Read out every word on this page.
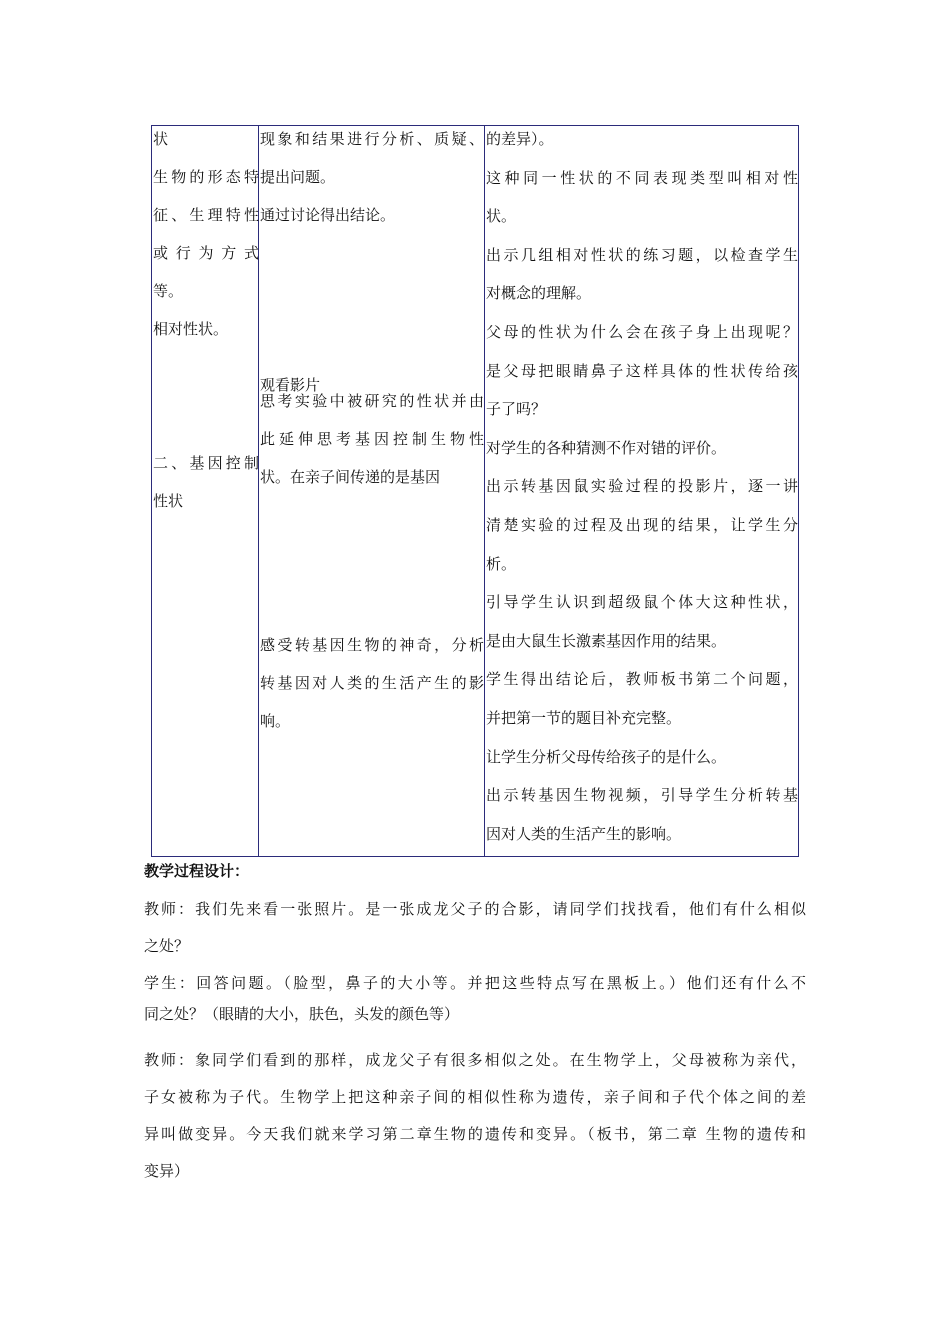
状
生物的形态特
征、生理特性
或 行 为 方 式
等。
相对性状。

二、基因控制
性状
现象和结果进行分析、质疑、
提出问题。
通过讨论得出结论。

观看影片
思考实验中被研究的性状并由
此延伸思考基因控制生物性
状。在亲子间传递的是基因

感受转基因生物的神奇，分析
转基因对人类的生活产生的影
响。
的差异）。
这种同一性状的不同表现类型叫相对性
状。
出示几组相对性状的练习题，以检查学生
对概念的理解。
父母的性状为什么会在孩子身上出现呢？
是父母把眼睛鼻子这样具体的性状传给孩
子了吗？
对学生的各种猜测不作对错的评价。
出示转基因鼠实验过程的投影片，逐一讲
清楚实验的过程及出现的结果，让学生分
析。
引导学生认识到超级鼠个体大这种性状，
是由大鼠生长激素基因作用的结果。
学生得出结论后，教师板书第二个问题，
并把第一节的题目补充完整。
让学生分析父母传给孩子的是什么。
出示转基因生物视频，引导学生分析转基
因对人类的生活产生的影响。
教学过程设计：
教师：我们先来看一张照片。是一张成龙父子的合影，请同学们找找看，他们有什么相似
之处？
学生：回答问题。（脸型，鼻子的大小等。并把这些特点写在黑板上。）他们还有什么不
同之处？（眼睛的大小，肤色，头发的颜色等）
教师：象同学们看到的那样，成龙父子有很多相似之处。在生物学上，父母被称为亲代，
子女被称为子代。生物学上把这种亲子间的相似性称为遗传，亲子间和子代个体之间的差
异叫做变异。今天我们就来学习第二章生物的遗传和变异。（板书，第二章 生物的遗传和
变异）
